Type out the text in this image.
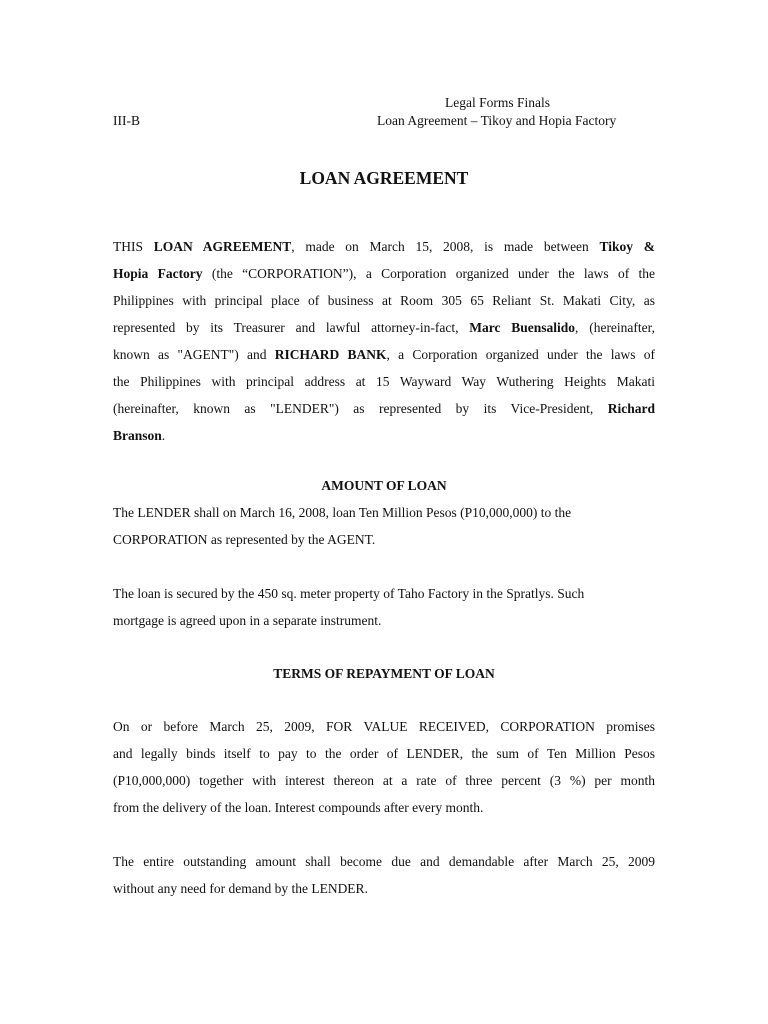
Legal Forms Finals
III-B	Loan Agreement – Tikoy and Hopia Factory
LOAN AGREEMENT
THIS LOAN AGREEMENT, made on March 15, 2008, is made between Tikoy &
Hopia Factory (the “CORPORATION”), a Corporation organized under the laws of the
Philippines with principal place of business at Room 305 65 Reliant St. Makati City, as
represented by its Treasurer and lawful attorney-in-fact, Marc Buensalido, (hereinafter,
known as "AGENT") and RICHARD BANK, a Corporation organized under the laws of
the Philippines with principal address at 15 Wayward Way Wuthering Heights Makati
(hereinafter, known as "LENDER") as represented by its Vice-President, Richard
Branson.
AMOUNT OF LOAN
The LENDER shall on March 16, 2008, loan Ten Million Pesos (P10,000,000) to the
CORPORATION as represented by the AGENT.
The loan is secured by the 450 sq. meter property of Taho Factory in the Spratlys. Such
mortgage is agreed upon in a separate instrument.
TERMS OF REPAYMENT OF LOAN
On or before March 25, 2009, FOR VALUE RECEIVED, CORPORATION promises
and legally binds itself to pay to the order of LENDER, the sum of Ten Million Pesos
(P10,000,000) together with interest thereon at a rate of three percent (3 %) per month
from the delivery of the loan. Interest compounds after every month.
The entire outstanding amount shall become due and demandable after March 25, 2009
without any need for demand by the LENDER.
